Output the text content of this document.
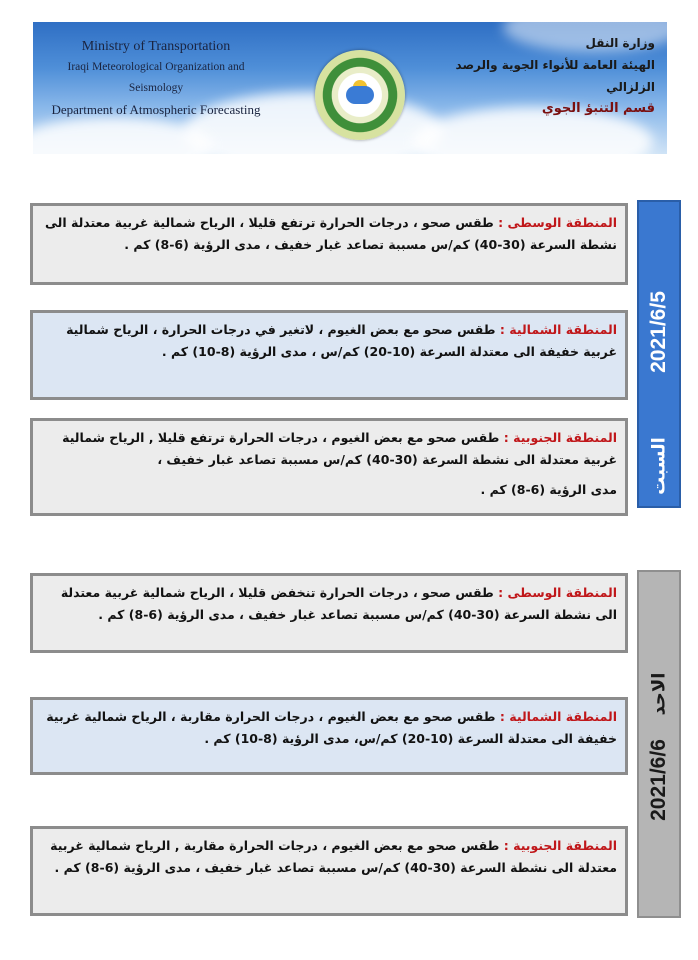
Ministry of Transportation
Iraqi Meteorological Organization and Seismology
Department of Atmospheric Forecasting
وزارة النقل
الهيئة العامة للأنواء الجوية والرصد الزلزالي
قسم التنبؤ الجوي
2021/6/5
السبت
المنطقة الوسطى : طقس صحو ، درجات الحرارة ترتفع قليلا ، الرياح شمالية غربية معتدلة الى نشطة السرعة (30-40) كم/س مسببة تصاعد غبار خفيف ، مدى الرؤية (6-8) كم .
المنطقة الشمالية : طقس صحو مع بعض الغيوم ، لاتغير في درجات الحرارة ، الرياح شمالية غربية خفيفة الى معتدلة السرعة (10-20) كم/س ، مدى الرؤية (8-10) كم .
المنطقة الجنوبية : طقس صحو مع بعض الغيوم ، درجات الحرارة ترتفع قليلا , الرياح شمالية غربية معتدلة الى نشطة السرعة (30-40) كم/س مسببة تصاعد غبار خفيف ،
مدى الرؤية (6-8) كم .
2021/6/6
الاحد
المنطقة الوسطى : طقس صحو ، درجات الحرارة تنخفض قليلا ، الرياح شمالية غربية معتدلة الى نشطة السرعة (30-40) كم/س مسببة تصاعد غبار خفيف ، مدى الرؤية (6-8) كم .
المنطقة الشمالية : طقس صحو مع بعض الغيوم ، درجات الحرارة مقاربة ، الرياح شمالية غربية خفيفة الى معتدلة السرعة (10-20) كم/س، مدى الرؤية (8-10) كم .
المنطقة الجنوبية : طقس صحو مع بعض الغيوم ، درجات الحرارة مقاربة , الرياح شمالية غربية معتدلة الى نشطة السرعة (30-40) كم/س مسببة تصاعد غبار خفيف ، مدى الرؤية (6-8) كم .
